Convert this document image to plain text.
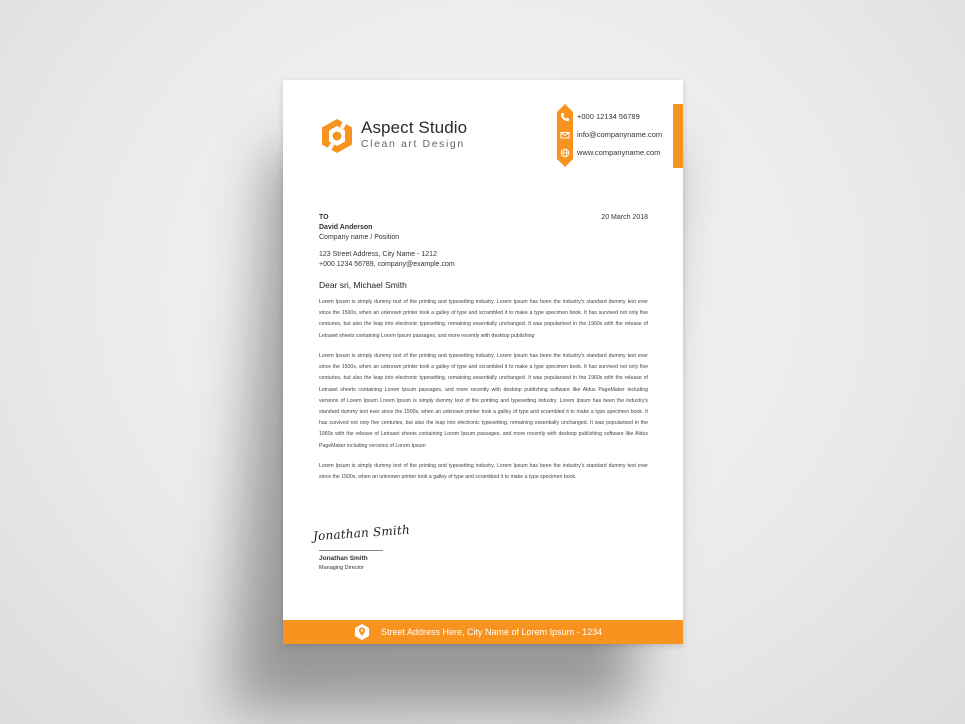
Aspect Studio
Clean art Design
+000 12134 56789
info@companyname.com
www.companyname.com
TO
David Anderson
Company name / Position
123 Street Address, City Name - 1212
+000 1234 56789, company@example.com
20 March 2018
Dear sri, Michael Smith
Lorem Ipsum is simply dummy text of the printing and typesetting industry. Lorem Ipsum has been the industry's standard dummy text ever since the 1500s, when an unknown printer took a galley of type and scrambled it to make a type specimen book. It has survived not only five centuries, but also the leap into electronic typesetting, remaining essentially unchanged. It was popularised in the 1960s with the release of Letraset sheets containing Lorem Ipsum passages, and more recently with desktop publishing
Lorem Ipsum is simply dummy text of the printing and typesetting industry. Lorem Ipsum has been the industry's standard dummy text ever since the 1500s, when an unknown printer took a galley of type and scrambled it to make a type specimen book. It has survived not only five centuries, but also the leap into electronic typesetting, remaining essentially unchanged. It was popularised in the 1960s with the release of Letraset sheets containing Lorem Ipsum passages, and more recently with desktop publishing software like Aldus PageMaker including versions of Lorem Ipsum Lorem Ipsum is simply dummy text of the printing and typesetting industry. Lorem Ipsum has been the industry's standard dummy text ever since the 1500s, when an unknown printer took a galley of type and scrambled it to make a type specimen book. It has survived not only five centuries, but also the leap into electronic typesetting, remaining essentially unchanged. It was popularised in the 1960s with the release of Letraset sheets containing Lorem Ipsum passages, and more recently with desktop publishing software like Aldus PageMaker including versions of Lorem Ipsum
Lorem Ipsum is simply dummy text of the printing and typesetting industry. Lorem Ipsum has been the industry's standard dummy text ever since the 1500s, when an unknown printer took a galley of type and scrambled it to make a type specimen book.
Jonathan Smith
Jonathan Smith
Managing Director
Street Address Here, City Name of Lorem Ipsum - 1234
